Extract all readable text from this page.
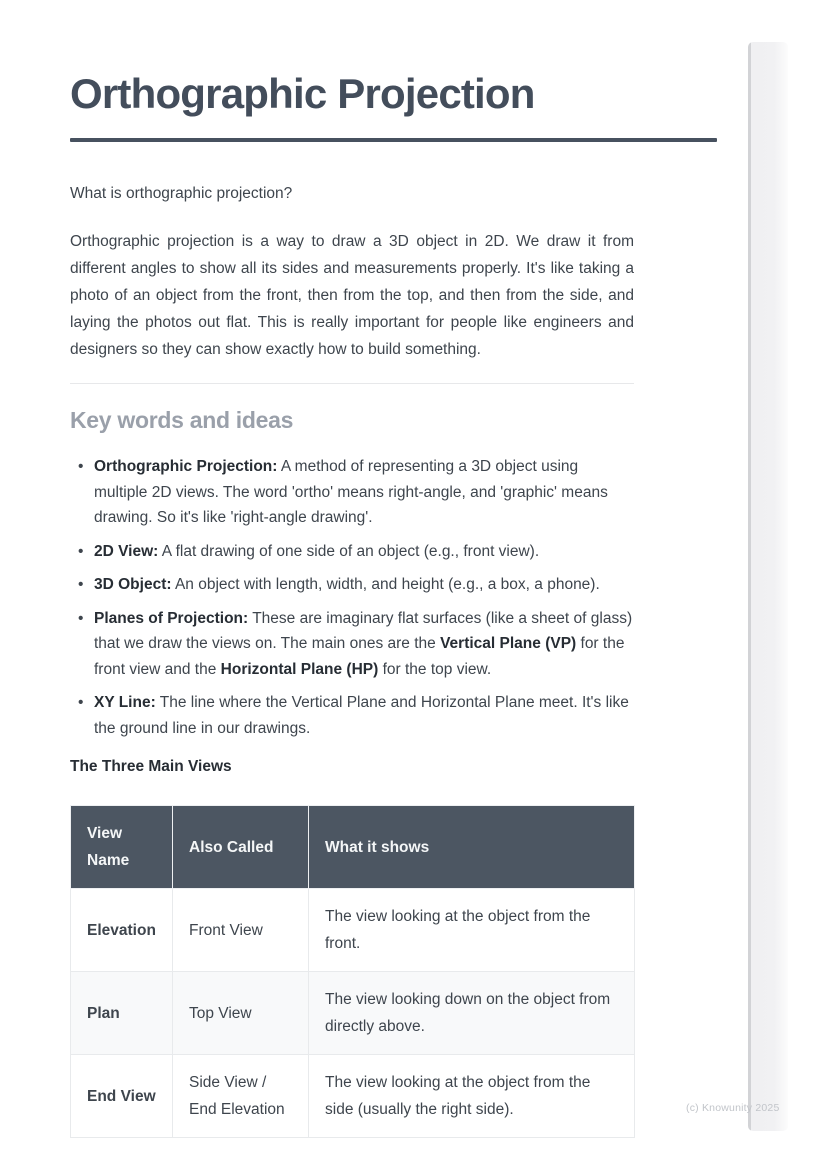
Orthographic Projection

What is orthographic projection?

Orthographic projection is a way to draw a 3D object in 2D. We draw it from different angles to show all its sides and measurements properly. It's like taking a photo of an object from the front, then from the top, and then from the side, and laying the photos out flat. This is really important for people like engineers and designers so they can show exactly how to build something.

Key words and ideas
• Orthographic Projection: A method of representing a 3D object using multiple 2D views. The word 'ortho' means right-angle, and 'graphic' means drawing. So it's like 'right-angle drawing'.
• 2D View: A flat drawing of one side of an object (e.g., front view).
• 3D Object: An object with length, width, and height (e.g., a box, a phone).
• Planes of Projection: These are imaginary flat surfaces (like a sheet of glass) that we draw the views on. The main ones are the Vertical Plane (VP) for the front view and the Horizontal Plane (HP) for the top view.
• XY Line: The line where the Vertical Plane and Horizontal Plane meet. It's like the ground line in our drawings.
The Three Main Views
View Name	Also Called	What it shows
Elevation	Front View	The view looking at the object from the front.
Plan	Top View	The view looking down on the object from directly above.
End View	Side View / End Elevation	The view looking at the object from the side (usually the right side).	(c) Knowunity 2025
